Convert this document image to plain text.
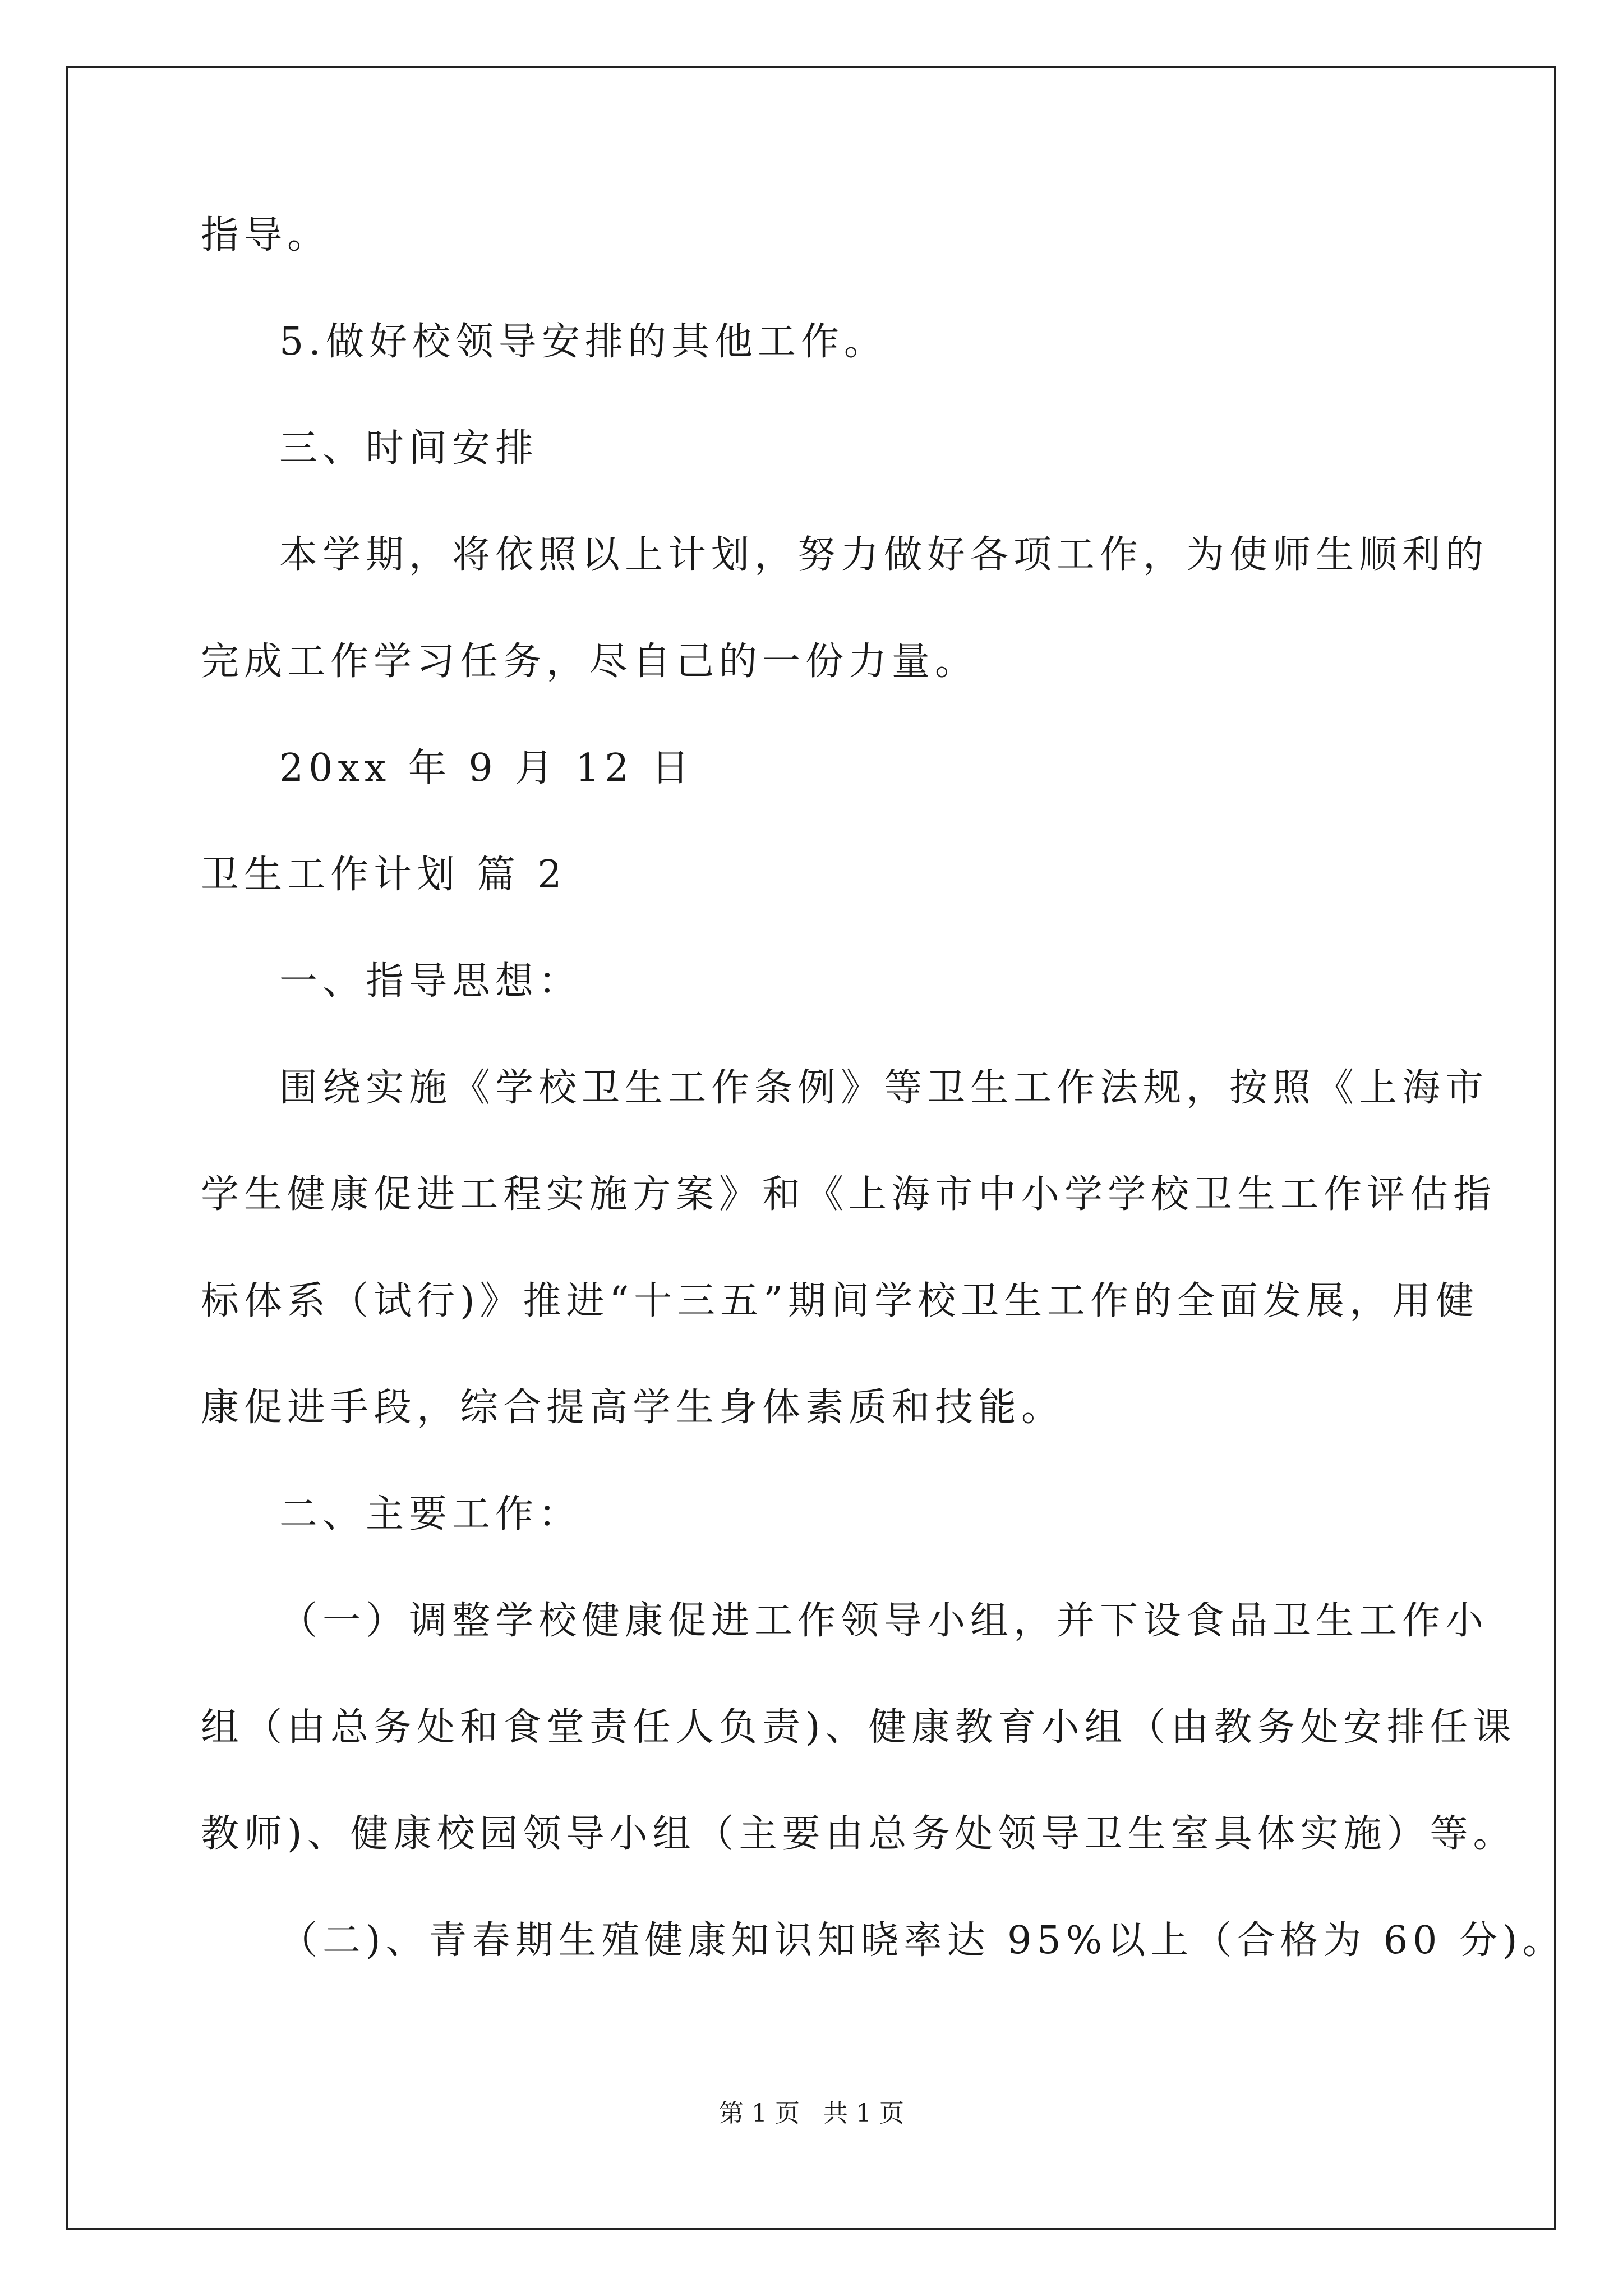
指导。
5.做好校领导安排的其他工作。
三、时间安排
本学期，将依照以上计划，努力做好各项工作，为使师生顺利的
完成工作学习任务，尽自己的一份力量。
20xx 年 9 月 12 日
卫生工作计划 篇 2
一、指导思想：
围绕实施《学校卫生工作条例》等卫生工作法规，按照《上海市
学生健康促进工程实施方案》和《上海市中小学学校卫生工作评估指
标体系（试行)》推进“十三五”期间学校卫生工作的全面发展，用健
康促进手段，综合提高学生身体素质和技能。
二、主要工作：
（一）调整学校健康促进工作领导小组，并下设食品卫生工作小
组（由总务处和食堂责任人负责)、健康教育小组（由教务处安排任课
教师)、健康校园领导小组（主要由总务处领导卫生室具体实施）等。
（二)、青春期生殖健康知识知晓率达 95%以上（合格为 60 分)。
第 1 页 共 1 页
